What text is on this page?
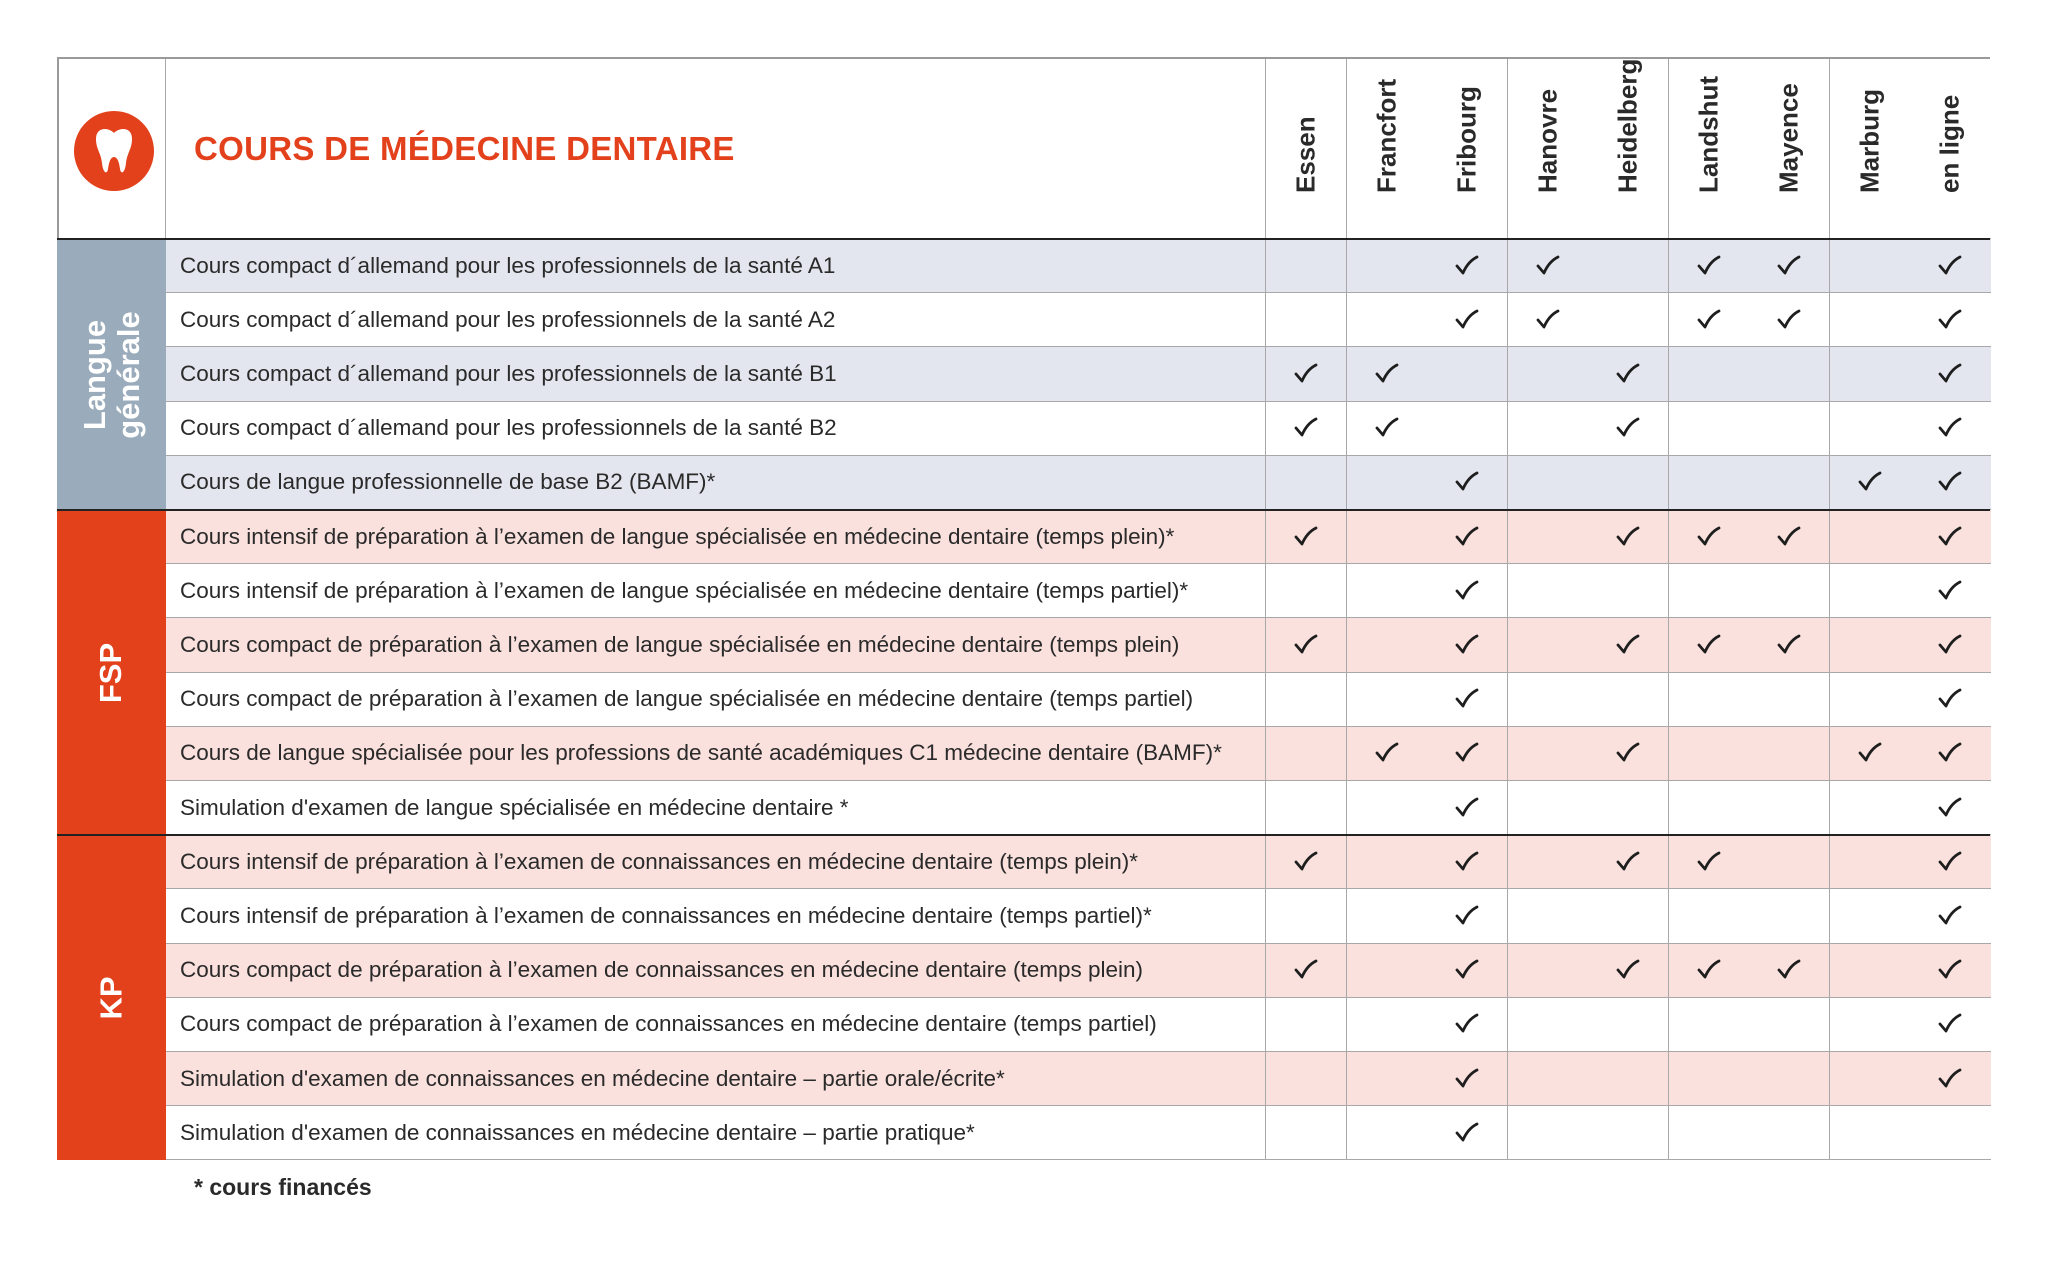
COURS DE MÉDECINE DENTAIRE	Essen Francfort Fribourg Hanovre Heidelberg Landshut Mayence Marburg en ligne
Langue
générale
FSP
KP
Cours compact d´allemand pour les professionnels de la santé A1
Cours compact d´allemand pour les professionnels de la santé A2
Cours compact d´allemand pour les professionnels de la santé B1
Cours compact d´allemand pour les professionnels de la santé B2
Cours de langue professionnelle de base B2 (BAMF)*
Cours intensif de préparation à l’examen de langue spécialisée en médecine dentaire (temps plein)*
Cours intensif de préparation à l’examen de langue spécialisée en médecine dentaire (temps partiel)*
Cours compact de préparation à l’examen de langue spécialisée en médecine dentaire (temps plein)
Cours compact de préparation à l’examen de langue spécialisée en médecine dentaire (temps partiel)
Cours de langue spécialisée pour les professions de santé académiques C1 médecine dentaire (BAMF)*
Simulation d'examen de langue spécialisée en médecine dentaire *
Cours intensif de préparation à l’examen de connaissances en médecine dentaire (temps plein)*
Cours intensif de préparation à l’examen de connaissances en médecine dentaire (temps partiel)*
Cours compact de préparation à l’examen de connaissances en médecine dentaire (temps plein)
Cours compact de préparation à l’examen de connaissances en médecine dentaire (temps partiel)
Simulation d'examen de connaissances en médecine dentaire – partie orale/écrite*
Simulation d'examen de connaissances en médecine dentaire – partie pratique*
* cours financés
